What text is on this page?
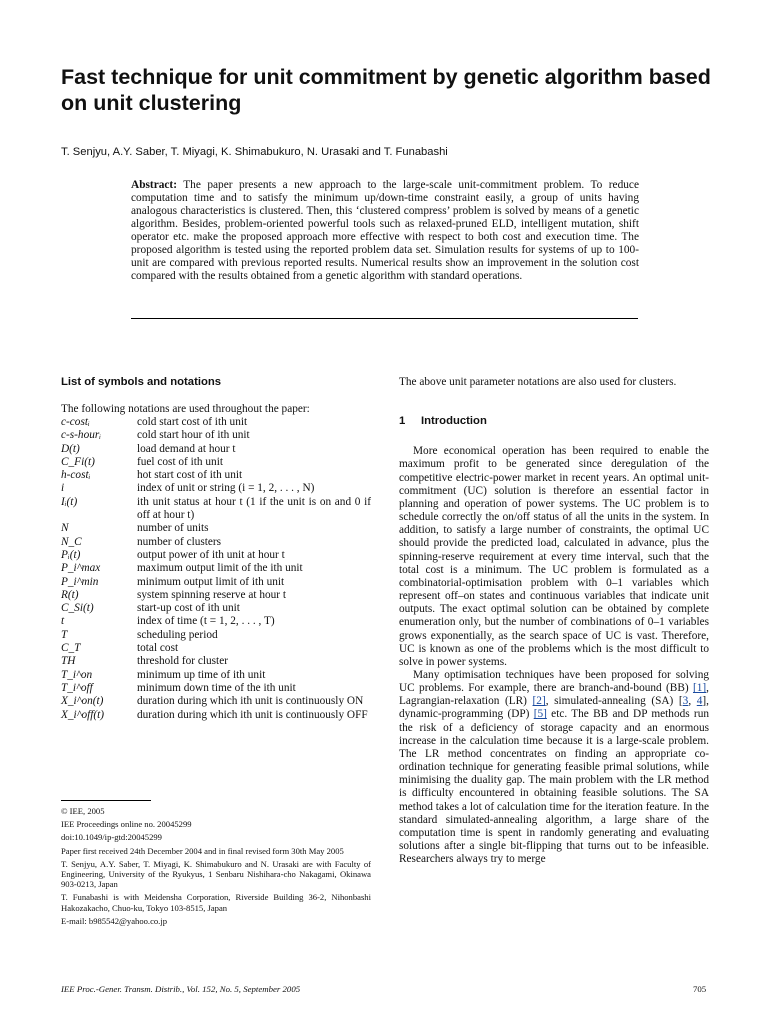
Fast technique for unit commitment by genetic algorithm based on unit clustering

T. Senjyu, A.Y. Saber, T. Miyagi, K. Shimabukuro, N. Urasaki and T. Funabashi

Abstract: The paper presents a new approach to the large-scale unit-commitment problem. To reduce computation time and to satisfy the minimum up/down-time constraint easily, a group of units having analogous characteristics is clustered. Then, this ‘clustered compress’ problem is solved by means of a genetic algorithm. Besides, problem-oriented powerful tools such as relaxed-pruned ELD, intelligent mutation, shift operator etc. make the proposed approach more effective with respect to both cost and execution time. The proposed algorithm is tested using the reported problem data set. Simulation results for systems of up to 100-unit are compared with previous reported results. Numerical results show an improvement in the solution cost compared with the results obtained from a genetic algorithm with standard operations.

List of symbols and notations

The following notations are used throughout the paper:

c-costᵢ	cold start cost of ith unit
c-s-hourᵢ	cold start hour of ith unit
D(t)	load demand at hour t
C_Fi(t)	fuel cost of ith unit
h-costᵢ	hot start cost of ith unit
i	index of unit or string (i = 1, 2, . . . , N)
Iᵢ(t)	ith unit status at hour t (1 if the unit is on and 0 if off at hour t)
N	number of units
N_C	number of clusters
Pᵢ(t)	output power of ith unit at hour t
P_i^max	maximum output limit of the ith unit
P_i^min	minimum output limit of ith unit
R(t)	system spinning reserve at hour t
C_Si(t)	start-up cost of ith unit
t	index of time (t = 1, 2, . . . , T)
T	scheduling period
C_T	total cost
TH	threshold for cluster
T_i^on	minimum up time of ith unit
T_i^off	minimum down time of the ith unit
X_i^on(t)	duration during which ith unit is continuously ON
X_i^off(t)	duration during which ith unit is continuously OFF

© IEE, 2005

IEE Proceedings online no. 20045299

doi:10.1049/ip-gtd:20045299

Paper first received 24th December 2004 and in final revised form 30th May 2005

T. Senjyu, A.Y. Saber, T. Miyagi, K. Shimabukuro and N. Urasaki are with Faculty of Engineering, University of the Ryukyus, 1 Senbaru Nishihara-cho Nakagami, Okinawa 903-0213, Japan

T. Funabashi is with Meidensha Corporation, Riverside Building 36-2, Nihonbashi Hakozakacho, Chuo-ku, Tokyo 103-8515, Japan

E-mail: b985542@yahoo.co.jp

The above unit parameter notations are also used for clusters.

1     Introduction

More economical operation has been required to enable the maximum profit to be generated since deregulation of the competitive electric-power market in recent years. An optimal unit-commitment (UC) solution is therefore an essential factor in planning and operation of power systems. The UC problem is to schedule correctly the on/off status of all the units in the system. In addition, to satisfy a large number of constraints, the optimal UC should provide the predicted load, calculated in advance, plus the spinning-reserve requirement at every time interval, such that the total cost is a minimum. The UC problem is formulated as a combinatorial-optimisation problem with 0–1 variables which represent off–on states and continuous variables that indicate unit outputs. The exact optimal solution can be obtained by complete enumeration only, but the number of combinations of 0–1 variables grows exponentially, as the search space of UC is vast. Therefore, UC is known as one of the problems which is the most difficult to solve in power systems.

Many optimisation techniques have been proposed for solving UC problems. For example, there are branch-and-bound (BB) [1], Lagrangian-relaxation (LR) [2], simulated-annealing (SA) [3, 4], dynamic-programming (DP) [5] etc. The BB and DP methods run the risk of a deficiency of storage capacity and an enormous increase in the calculation time because it is a large-scale problem. The LR method concentrates on finding an appropriate co-ordination technique for generating feasible primal solutions, while minimising the duality gap. The main problem with the LR method is difficulty encountered in obtaining feasible solutions. The SA method takes a lot of calculation time for the iteration feature. In the standard simulated-annealing algorithm, a large share of the computation time is spent in randomly generating and evaluating solutions after a single bit-flipping that turns out to be infeasible. Researchers always try to merge

IEE Proc.-Gener. Transm. Distrib., Vol. 152, No. 5, September 2005	705
